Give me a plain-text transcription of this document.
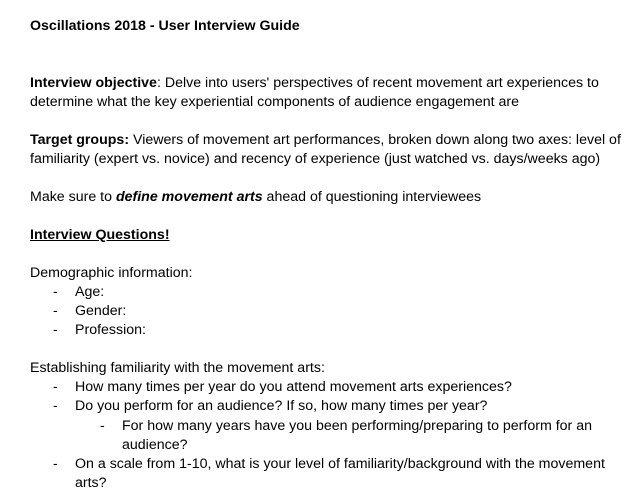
Oscillations 2018 - User Interview Guide
Interview objective: Delve into users' perspectives of recent movement art experiences to
determine what the key experiential components of audience engagement are
Target groups: Viewers of movement art performances, broken down along two axes: level of
familiarity (expert vs. novice) and recency of experience (just watched vs. days/weeks ago)
Make sure to define movement arts ahead of questioning interviewees
Interview Questions!
Demographic information:
- Age:
- Gender:
- Profession:
Establishing familiarity with the movement arts:
- How many times per year do you attend movement arts experiences?
- Do you perform for an audience? If so, how many times per year?
- For how many years have you been performing/preparing to perform for an
audience?
- On a scale from 1-10, what is your level of familiarity/background with the movement
arts?
